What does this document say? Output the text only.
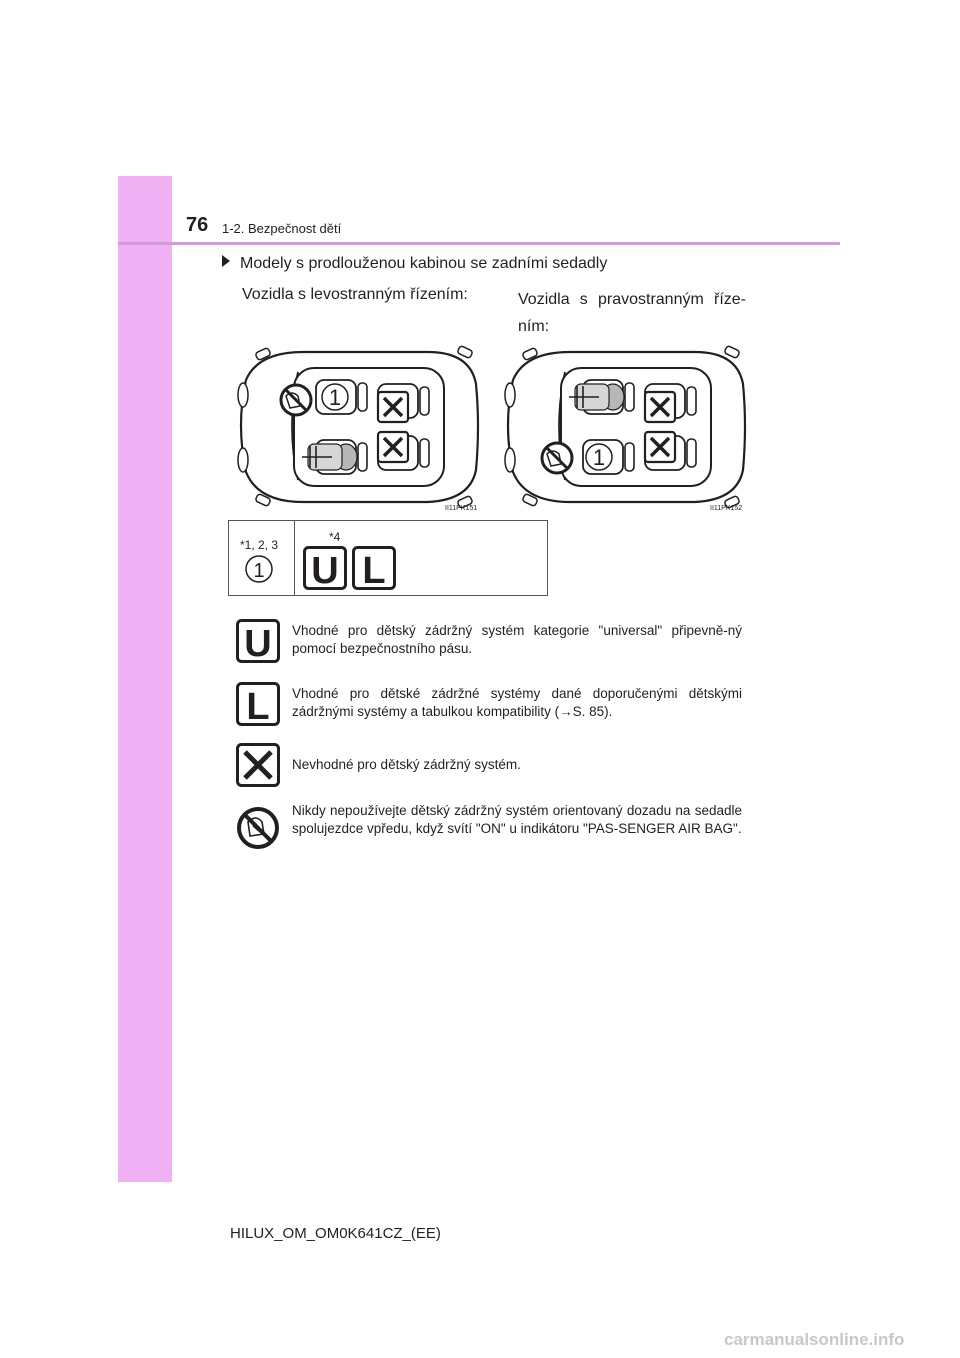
76 1-2. Bezpečnost dětí
Modely s prodlouženou kabinou se zadními sedadly
Vozidla s levostranným řízením:	Vozidla s pravostranným říze-ním:
1
II11PK151
1
II11PK152
*1, 2, 3
1
*4
U L
U Vhodné pro dětský zádržný systém kategorie "universal" připevně-ný pomocí bezpečnostního pásu.
L Vhodné pro dětské zádržné systémy dané doporučenými dětskými zádržnými systémy a tabulkou kompatibility (→S. 85).
Nevhodné pro dětský zádržný systém.
Nikdy nepoužívejte dětský zádržný systém orientovaný dozadu na sedadle spolujezdce vpředu, když svítí "ON" u indikátoru "PAS-SENGER AIR BAG".
HILUX_OM_OM0K641CZ_(EE)
carmanualsonline.info
